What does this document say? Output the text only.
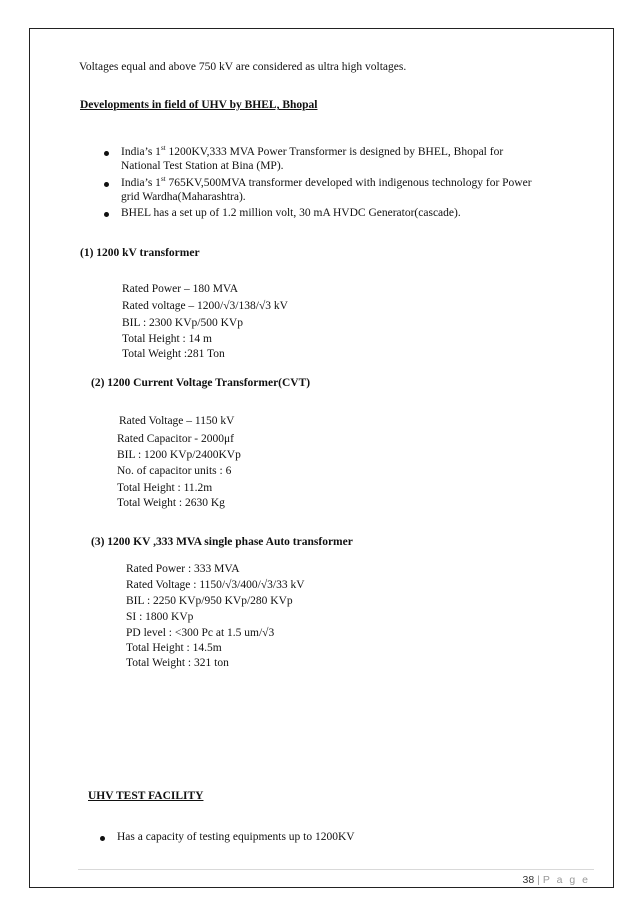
Voltages equal and above 750 kV are considered as ultra high voltages.
Developments in field of UHV by BHEL, Bhopal
India’s 1st 1200KV,333 MVA Power Transformer is designed by BHEL, Bhopal for
National Test Station at Bina (MP).
India’s 1st 765KV,500MVA transformer developed with indigenous technology for Power
grid Wardha(Maharashtra).
BHEL has a set up of 1.2 million volt, 30 mA HVDC Generator(cascade).
(1) 1200 kV transformer
Rated Power – 180 MVA
Rated voltage – 1200/√3/138/√3 kV
BIL : 2300 KVp/500 KVp
Total Height : 14 m
Total Weight :281 Ton
(2) 1200 Current Voltage Transformer(CVT)
Rated Voltage – 1150 kV
Rated Capacitor - 2000μf
BIL : 1200 KVp/2400KVp
No. of capacitor units : 6
Total Height : 11.2m
Total Weight : 2630 Kg
(3) 1200 KV ,333 MVA single phase Auto transformer
Rated Power : 333 MVA
Rated Voltage : 1150/√3/400/√3/33 kV
BIL : 2250 KVp/950 KVp/280 KVp
SI : 1800 KVp
PD level : <300 Pc at 1.5 um/√3
Total Height : 14.5m
Total Weight : 321 ton
UHV TEST FACILITY
Has a capacity of testing equipments up to 1200KV
38 | P a g e
